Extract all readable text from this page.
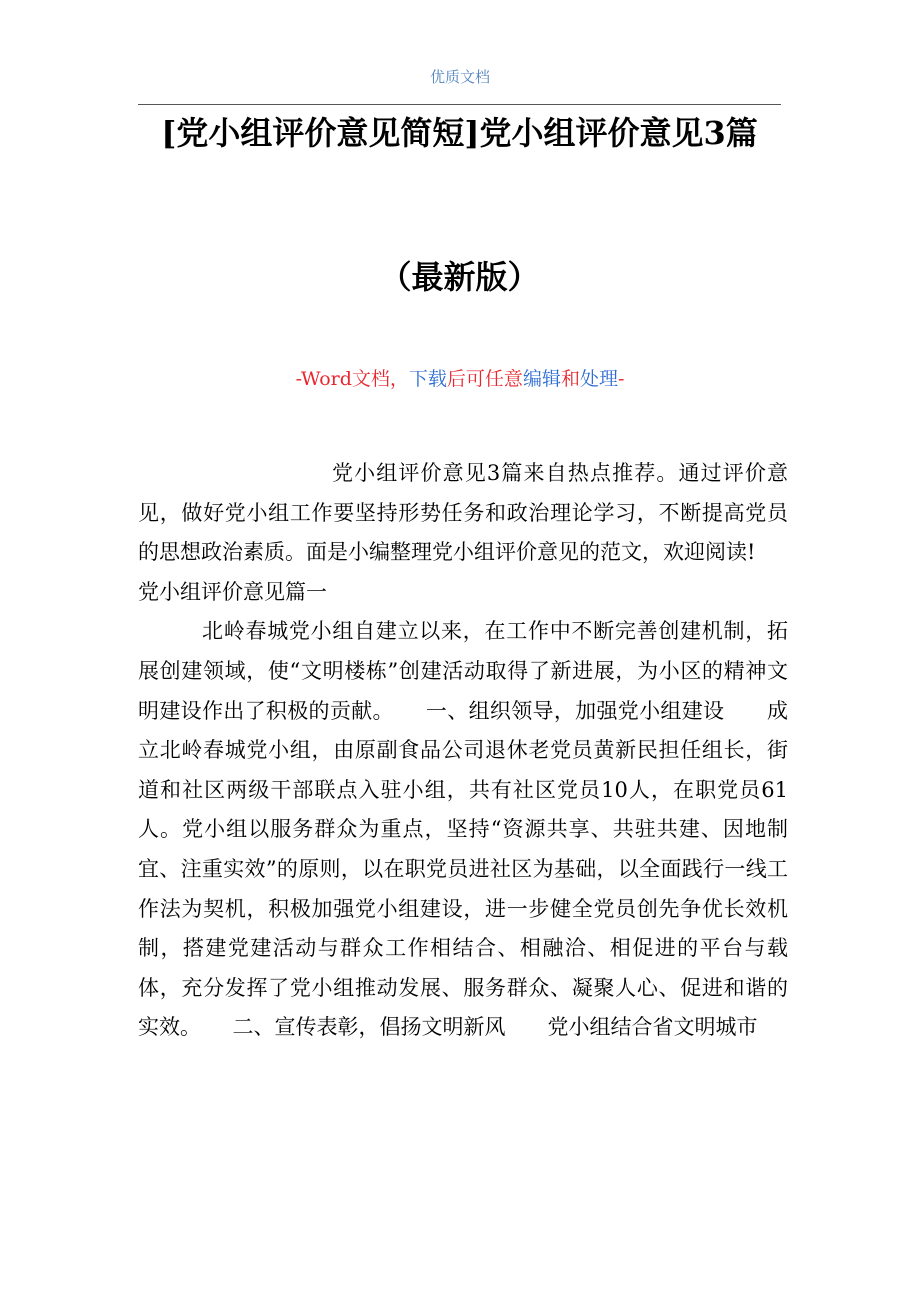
优质文档
[党小组评价意见简短]党小组评价意见3篇
（最新版）
-Word文档，下载后可任意编辑和处理-

党小组评价意见3篇来自热点推荐。通过评价意见，做好党小组工作要坚持形势任务和政治理论学习，不断提高党员的思想政治素质。面是小编整理党小组评价意见的范文，欢迎阅读!

党小组评价意见篇一

北岭春城党小组自建立以来，在工作中不断完善创建机制，拓展创建领域，使“文明楼栋”创建活动取得了新进展，为小区的精神文明建设作出了积极的贡献。　　一、组织领导，加强党小组建设　　成立北岭春城党小组，由原副食品公司退休老党员黄新民担任组长，街道和社区两级干部联点入驻小组，共有社区党员10人，在职党员61人。党小组以服务群众为重点，坚持“资源共享、共驻共建、因地制宜、注重实效”的原则，以在职党员进社区为基础，以全面践行一线工作法为契机，积极加强党小组建设，进一步健全党员创先争优长效机制，搭建党建活动与群众工作相结合、相融洽、相促进的平台与载体，充分发挥了党小组推动发展、服务群众、凝聚人心、促进和谐的实效。　　二、宣传表彰，倡扬文明新风　　党小组结合省文明城市
